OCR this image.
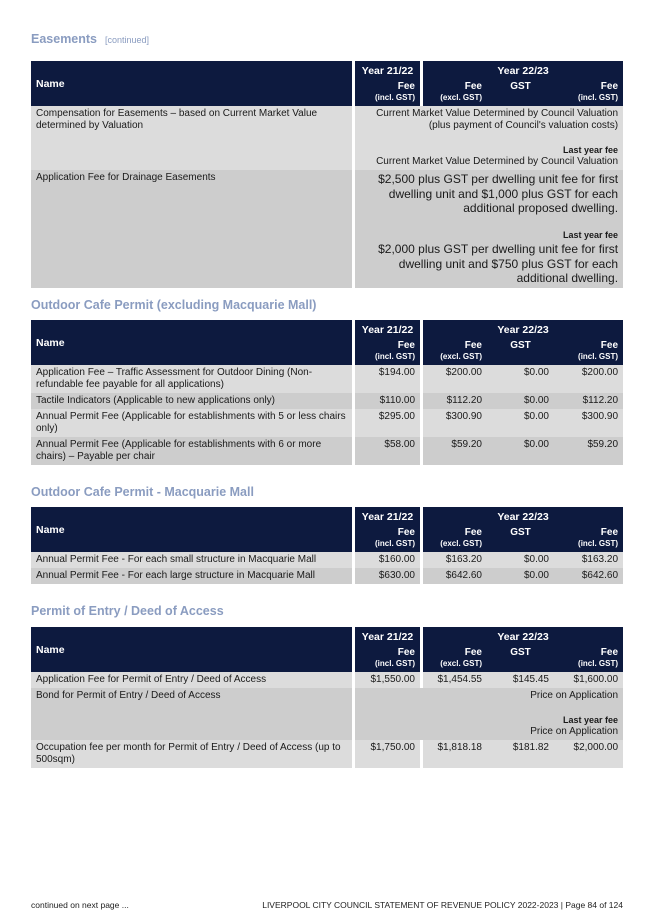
Easements [continued]
Name	Year 21/22	Year 22/23		
	Fee	Fee	GST	Fee
	(incl. GST)	(excl. GST)		(incl. GST)
Compensation for Easements – based on Current Market Value determined by Valuation	Current Market Value Determined by Council Valuation
(plus payment of Council's valuation costs)
Last year fee
Current Market Value Determined by Council Valuation			
Application Fee for Drainage Easements	$2,500 plus GST per dwelling unit fee for first dwelling unit and $1,000 plus GST for each additional proposed dwelling.
Last year fee
$2,000 plus GST per dwelling unit fee for first dwelling unit and $750 plus GST for each additional dwelling.			
Outdoor Cafe Permit (excluding Macquarie Mall)
Name	Year 21/22	Year 22/23		
	Fee	Fee	GST	Fee
	(incl. GST)	(excl. GST)		(incl. GST)
Application Fee – Traffic Assessment for Outdoor Dining (Non-refundable fee payable for all applications)	$194.00	$200.00	$0.00	$200.00
Tactile Indicators (Applicable to new applications only)	$110.00	$112.20	$0.00	$112.20
Annual Permit Fee (Applicable for establishments with 5 or less chairs only)	$295.00	$300.90	$0.00	$300.90
Annual Permit Fee (Applicable for establishments with 6 or more chairs) – Payable per chair	$58.00	$59.20	$0.00	$59.20
Outdoor Cafe Permit - Macquarie Mall
Name	Year 21/22	Year 22/23		
	Fee	Fee	GST	Fee
	(incl. GST)	(excl. GST)		(incl. GST)
Annual Permit Fee - For each small structure in Macquarie Mall	$160.00	$163.20	$0.00	$163.20
Annual Permit Fee - For each large structure in Macquarie Mall	$630.00	$642.60	$0.00	$642.60
Permit of Entry / Deed of Access
Name	Year 21/22	Year 22/23		
	Fee	Fee	GST	Fee
	(incl. GST)	(excl. GST)		(incl. GST)
Application Fee for Permit of Entry / Deed of Access	$1,550.00	$1,454.55	$145.45	$1,600.00
Bond for Permit of Entry / Deed of Access	Price on Application
Last year fee
Price on Application			
Occupation fee per month for Permit of Entry / Deed of Access (up to 500sqm)	$1,750.00	$1,818.18	$181.82	$2,000.00
continued on next page ...	LIVERPOOL CITY COUNCIL STATEMENT OF REVENUE POLICY 2022-2023 | Page 84 of 124
